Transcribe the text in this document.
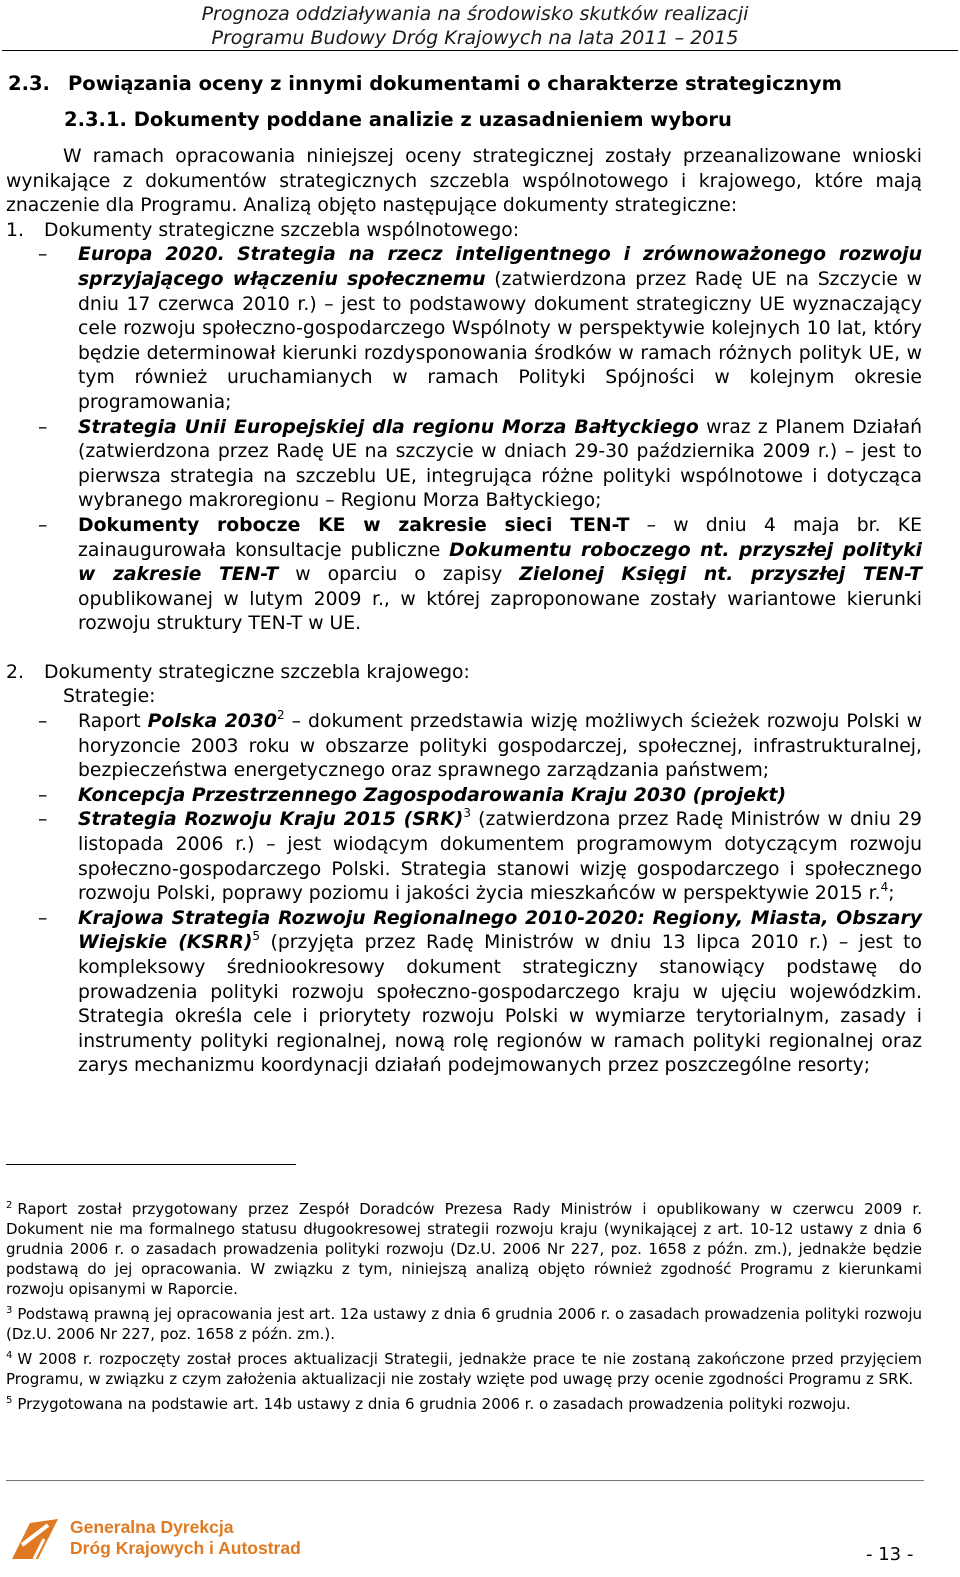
Prognoza oddziaływania na środowisko skutków realizacji
Programu Budowy Dróg Krajowych na lata 2011 – 2015
2.3. Powiązania oceny z innymi dokumentami o charakterze strategicznym
2.3.1. Dokumenty poddane analizie z uzasadnieniem wyboru

W ramach opracowania niniejszej oceny strategicznej zostały przeanalizowane wnioski wynikające z dokumentów strategicznych szczebla wspólnotowego i krajowego, które mają znaczenie dla Programu. Analizą objęto następujące dokumenty strategiczne:

1. Dokumenty strategiczne szczebla wspólnotowego:

– Europa 2020. Strategia na rzecz inteligentnego i zrównoważonego rozwoju sprzyjającego włączeniu społecznemu (zatwierdzona przez Radę UE na Szczycie w dniu 17 czerwca 2010 r.) – jest to podstawowy dokument strategiczny UE wyznaczający cele rozwoju społeczno-gospodarczego Wspólnoty w perspektywie kolejnych 10 lat, który będzie determinował kierunki rozdysponowania środków w ramach różnych polityk UE, w tym również uruchamianych w ramach Polityki Spójności w kolejnym okresie programowania;
– Strategia Unii Europejskiej dla regionu Morza Bałtyckiego wraz z Planem Działań (zatwierdzona przez Radę UE na szczycie w dniach 29-30 października 2009 r.) – jest to pierwsza strategia na szczeblu UE, integrująca różne polityki wspólnotowe i dotycząca wybranego makroregionu – Regionu Morza Bałtyckiego;
– Dokumenty robocze KE w zakresie sieci TEN-T – w dniu 4 maja br. KE zainaugurowała konsultacje publiczne Dokumentu roboczego nt. przyszłej polityki w zakresie TEN-T w oparciu o zapisy Zielonej Księgi nt. przyszłej TEN-T opublikowanej w lutym 2009 r., w której zaproponowane zostały wariantowe kierunki rozwoju struktury TEN-T w UE.

2. Dokumenty strategiczne szczebla krajowego:

Strategie:

– Raport Polska 2030$^2$ – dokument przedstawia wizję możliwych ścieżek rozwoju Polski w horyzoncie 2003 roku w obszarze polityki gospodarczej, społecznej, infrastrukturalnej, bezpieczeństwa energetycznego oraz sprawnego zarządzania państwem;
– Koncepcja Przestrzennego Zagospodarowania Kraju 2030 (projekt)
– Strategia Rozwoju Kraju 2015 (SRK)$^3$ (zatwierdzona przez Radę Ministrów w dniu 29 listopada 2006 r.) – jest wiodącym dokumentem programowym dotyczącym rozwoju społeczno-gospodarczego Polski. Strategia stanowi wizję gospodarczego i społecznego rozwoju Polski, poprawy poziomu i jakości życia mieszkańców w perspektywie 2015 r.$^4$;
– Krajowa Strategia Rozwoju Regionalnego 2010-2020: Regiony, Miasta, Obszary Wiejskie (KSRR)$^5$ (przyjęta przez Radę Ministrów w dniu 13 lipca 2010 r.) – jest to kompleksowy średniookresowy dokument strategiczny stanowiący podstawę do prowadzenia polityki rozwoju społeczno-gospodarczego kraju w ujęciu wojewódzkim. Strategia określa cele i priorytety rozwoju Polski w wymiarze terytorialnym, zasady i instrumenty polityki regionalnej, nową rolę regionów w ramach polityki regionalnej oraz zarys mechanizmu koordynacji działań podejmowanych przez poszczególne resorty;

$^2$ Raport został przygotowany przez Zespół Doradców Prezesa Rady Ministrów i opublikowany w czerwcu 2009 r. Dokument nie ma formalnego statusu długookresowej strategii rozwoju kraju (wynikającej z art. 10-12 ustawy z dnia 6 grudnia 2006 r. o zasadach prowadzenia polityki rozwoju (Dz.U. 2006 Nr 227, poz. 1658 z późn. zm.), jednakże będzie podstawą do jej opracowania. W związku z tym, niniejszą analizą objęto również zgodność Programu z kierunkami rozwoju opisanymi w Raporcie.

$^3$ Podstawą prawną jej opracowania jest art. 12a ustawy z dnia 6 grudnia 2006 r. o zasadach prowadzenia polityki rozwoju (Dz.U. 2006 Nr 227, poz. 1658 z późn. zm.).

$^4$ W 2008 r. rozpoczęty został proces aktualizacji Strategii, jednakże prace te nie zostaną zakończone przed przyjęciem Programu, w związku z czym założenia aktualizacji nie zostały wzięte pod uwagę przy ocenie zgodności Programu z SRK.

$^5$ Przygotowana na podstawie art. 14b ustawy z dnia 6 grudnia 2006 r. o zasadach prowadzenia polityki rozwoju.

Generalna Dyrekcja
Dróg Krajowych i Autostrad	- 13 -
